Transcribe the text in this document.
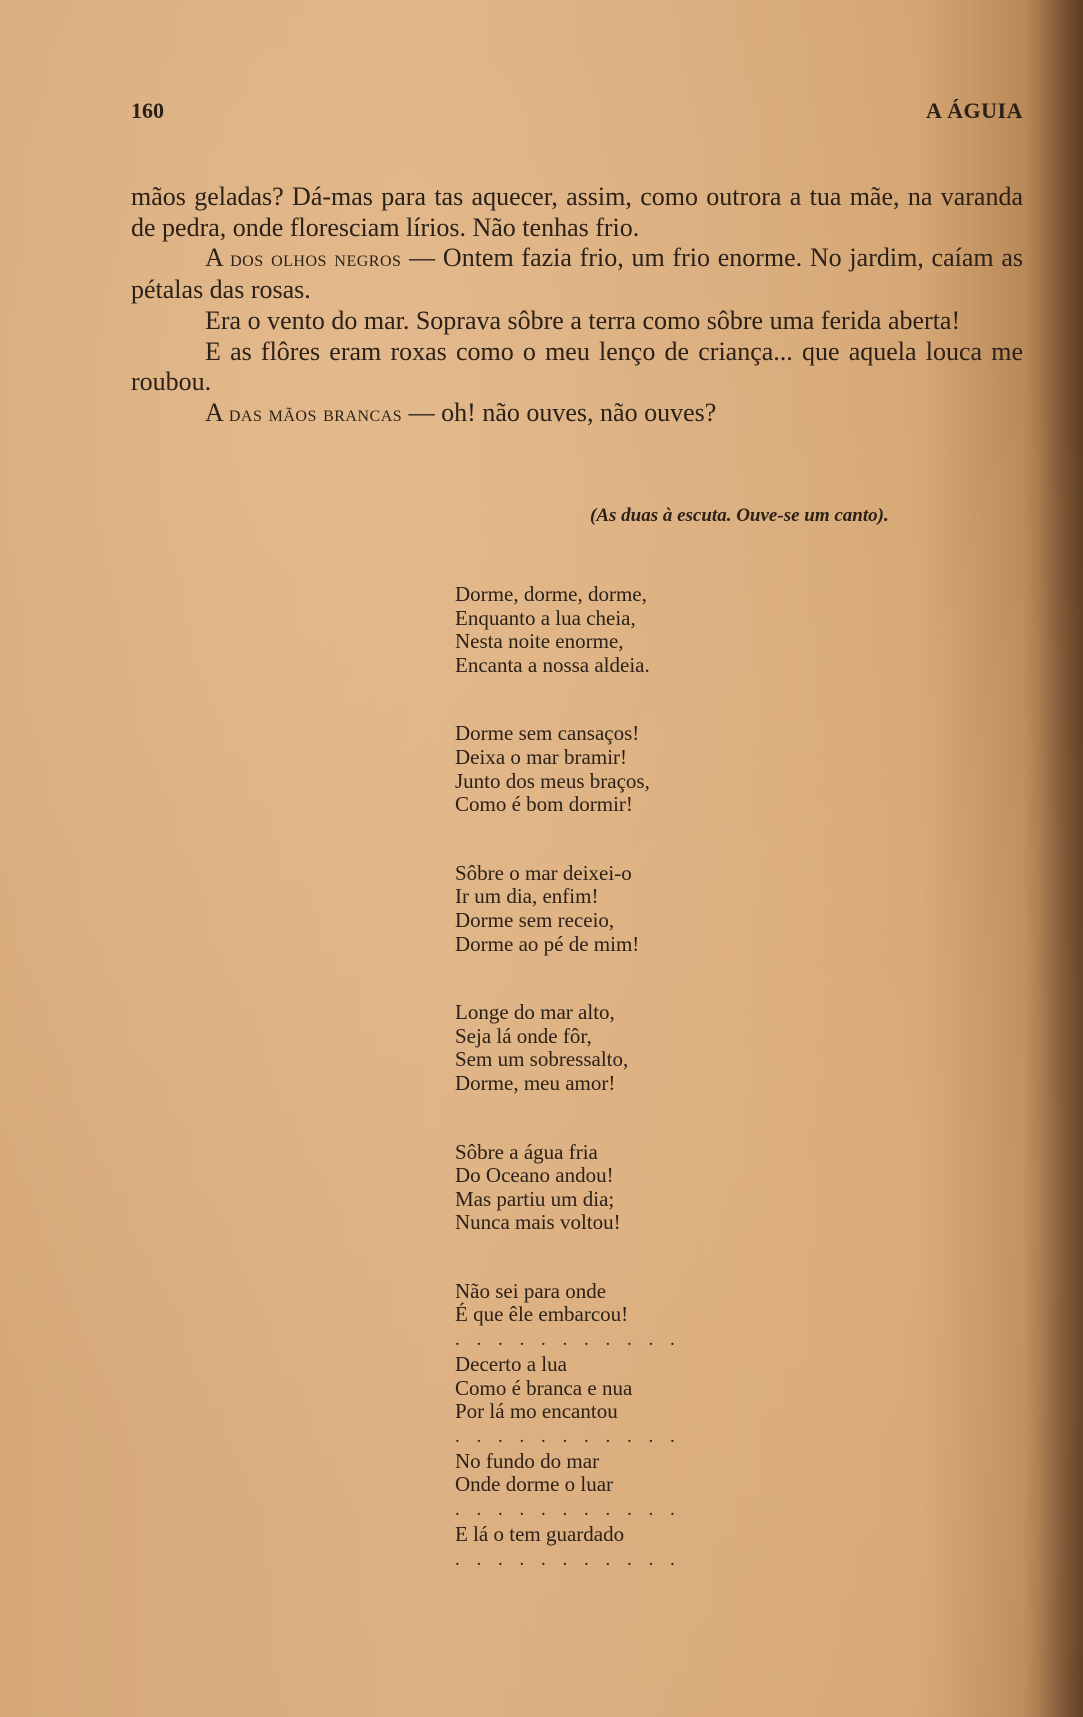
160	A ÁGUIA

mãos geladas? Dá-mas para tas aquecer, assim, como outrora a tua mãe, na varanda de pedra, onde floresciam lírios. Não tenhas frio.

A dos olhos negros — Ontem fazia frio, um frio enorme. No jardim, caíam as pétalas das rosas.

Era o vento do mar. Soprava sôbre a terra como sôbre uma ferida aberta!

E as flôres eram roxas como o meu lenço de criança... que aquela louca me roubou.

A das mãos brancas — oh! não ouves, não ouves?

(As duas à escuta. Ouve-se um canto).
Dorme, dorme, dorme,
Enquanto a lua cheia,
Nesta noite enorme,
Encanta a nossa aldeia.
Dorme sem cansaços!
Deixa o mar bramir!
Junto dos meus braços,
Como é bom dormir!
Sôbre o mar deixei-o
Ir um dia, enfim!
Dorme sem receio,
Dorme ao pé de mim!
Longe do mar alto,
Seja lá onde fôr,
Sem um sobressalto,
Dorme, meu amor!
Sôbre a água fria
Do Oceano andou!
Mas partiu um dia;
Nunca mais voltou!
Não sei para onde
É que êle embarcou!
. . . . . . . . . . .
Decerto a lua
Como é branca e nua
Por lá mo encantou
. . . . . . . . . . .
No fundo do mar
Onde dorme o luar
. . . . . . . . . . .
E lá o tem guardado
. . . . . . . . . . .
